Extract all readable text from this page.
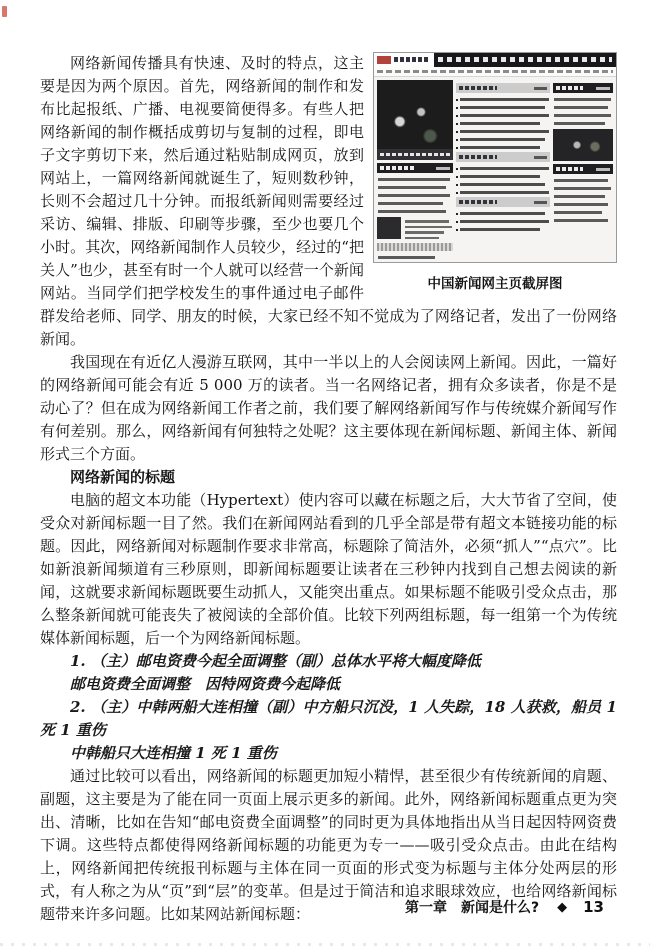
中国新闻网主页截屏图

网络新闻传播具有快速、及时的特点，这主要是因为两个原因。首先，网络新闻的制作和发布比起报纸、广播、电视要简便得多。有些人把网络新闻的制作概括成剪切与复制的过程，即电子文字剪切下来，然后通过粘贴制成网页，放到网站上，一篇网络新闻就诞生了，短则数秒钟，长则不会超过几十分钟。而报纸新闻则需要经过采访、编辑、排版、印刷等步骤，至少也要几个小时。其次，网络新闻制作人员较少，经过的“把关人”也少，甚至有时一个人就可以经营一个新闻网站。当同学们把学校发生的事件通过电子邮件群发给老师、同学、朋友的时候，大家已经不知不觉成为了网络记者，发出了一份网络新闻。

我国现在有近亿人漫游互联网，其中一半以上的人会阅读网上新闻。因此，一篇好的网络新闻可能会有近 5 000 万的读者。当一名网络记者，拥有众多读者，你是不是动心了？但在成为网络新闻工作者之前，我们要了解网络新闻写作与传统媒介新闻写作有何差别。那么，网络新闻有何独特之处呢？这主要体现在新闻标题、新闻主体、新闻形式三个方面。

网络新闻的标题

电脑的超文本功能（Hypertext）使内容可以藏在标题之后，大大节省了空间，使受众对新闻标题一目了然。我们在新闻网站看到的几乎全部是带有超文本链接功能的标题。因此，网络新闻对标题制作要求非常高，标题除了简洁外，必须“抓人”“点穴”。比如新浪新闻频道有三秒原则，即新闻标题要让读者在三秒钟内找到自己想去阅读的新闻，这就要求新闻标题既要生动抓人，又能突出重点。如果标题不能吸引受众点击，那么整条新闻就可能丧失了被阅读的全部价值。比较下列两组标题，每一组第一个为传统媒体新闻标题，后一个为网络新闻标题。

1. （主）邮电资费今起全面调整（副）总体水平将大幅度降低

邮电资费全面调整　因特网资费今起降低

2. （主）中韩两船大连相撞（副）中方船只沉没，1 人失踪，18 人获救，船员 1 死 1 重伤

中韩船只大连相撞 1 死 1 重伤

通过比较可以看出，网络新闻的标题更加短小精悍，甚至很少有传统新闻的肩题、副题，这主要是为了能在同一页面上展示更多的新闻。此外，网络新闻标题重点更为突出、清晰，比如在告知“邮电资费全面调整”的同时更为具体地指出从当日起因特网资费下调。这些特点都使得网络新闻标题的功能更为专一——吸引受众点击。由此在结构上，网络新闻把传统报刊标题与主体在同一页面的形式变为标题与主体分处两层的形式，有人称之为从“页”到“层”的变革。但是过于简洁和追求眼球效应，也给网络新闻标题带来许多问题。比如某网站新闻标题：	第一章 新闻是什么? ◆ 13
